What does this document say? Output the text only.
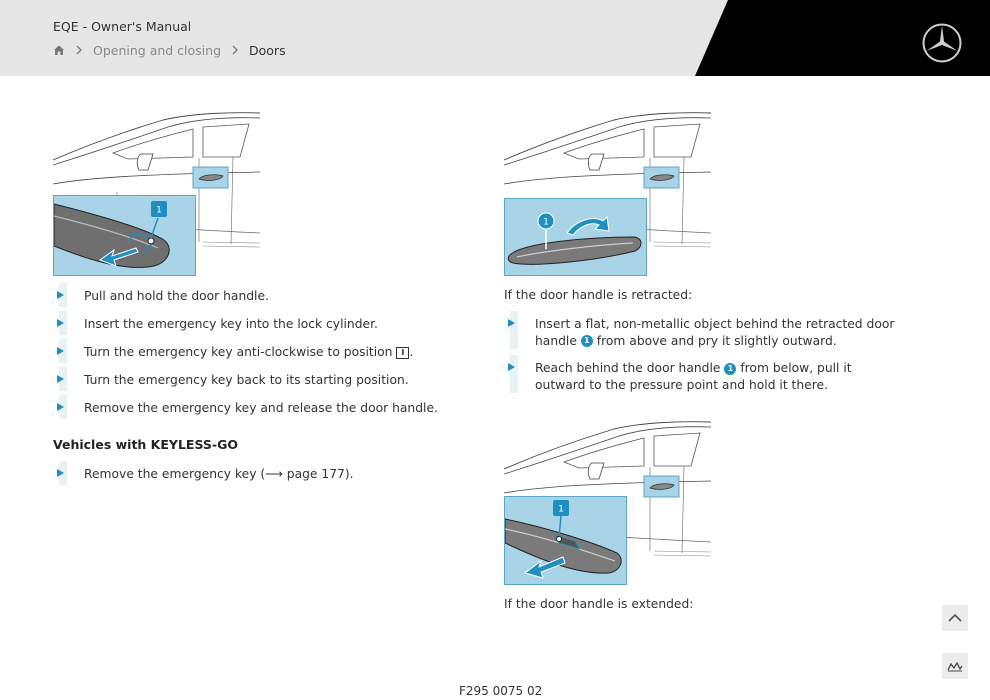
EQE - Owner's Manual
Opening and closing Doors
1
Pull and hold the door handle.
Insert the emergency key into the lock cylinder.
Turn the emergency key anti-clockwise to position I .
Turn the emergency key back to its starting position.
Remove the emergency key and release the door handle.
Vehicles with KEYLESS-GO
Remove the emergency key (⟶ page 177).
1
If the door handle is retracted:
Insert a flat, non-metallic object behind the retracted door handle 1 from above and pry it slightly outward.
Reach behind the door handle 1 from below, pull it outward to the pressure point and hold it there.
1
If the door handle is extended:
F295 0075 02
